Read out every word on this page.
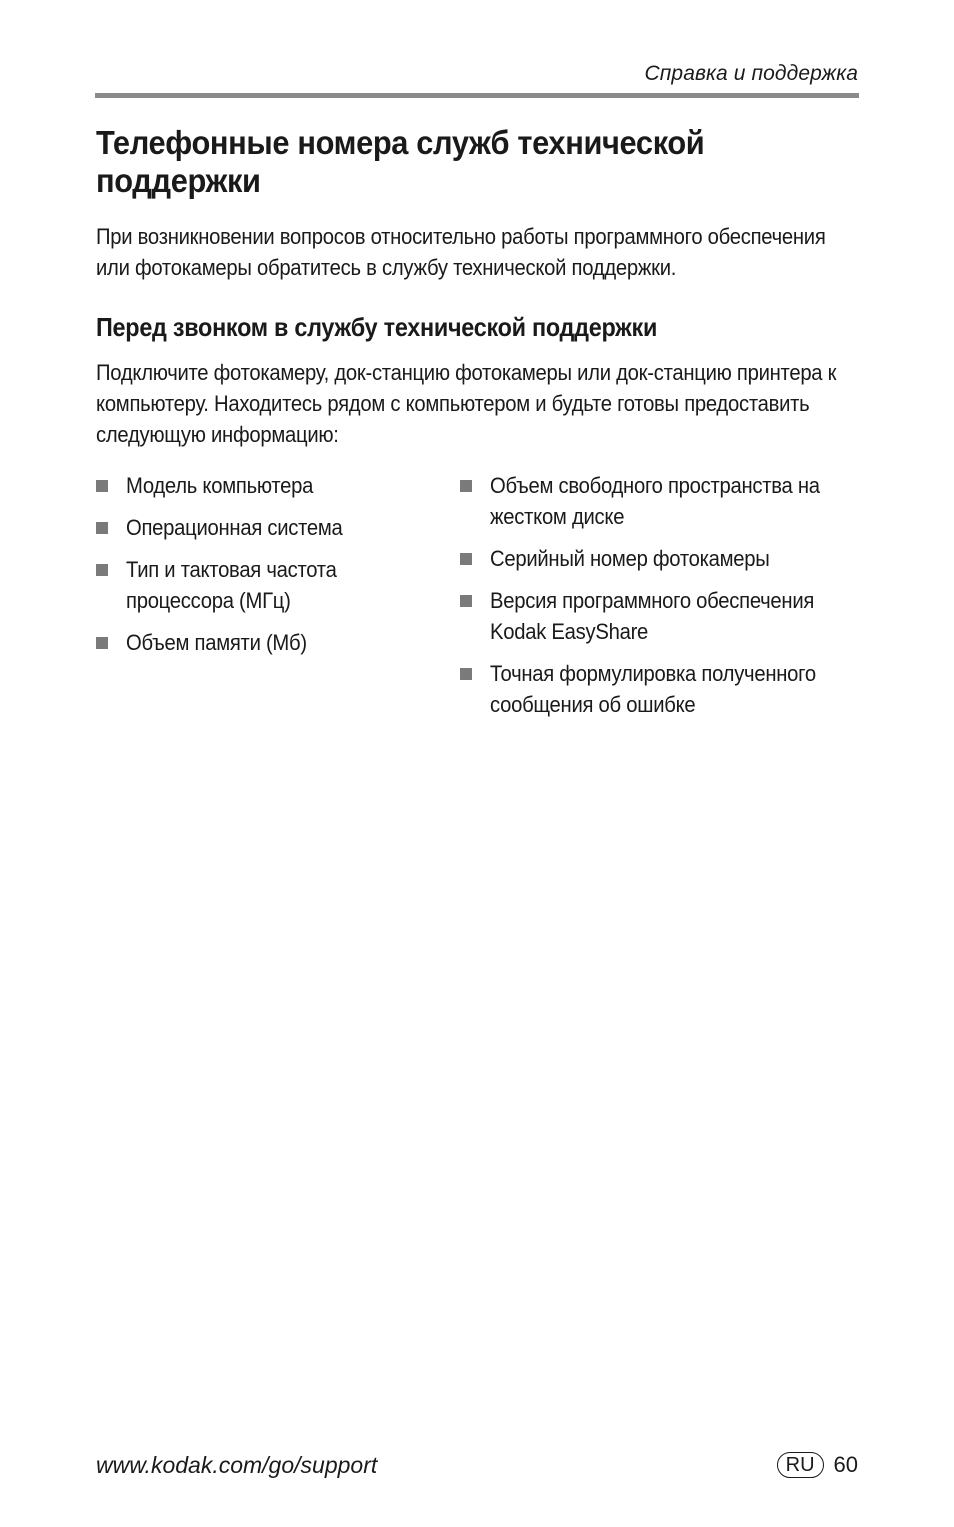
Справка и поддержка
Телефонные номера служб технической поддержки

При возникновении вопросов относительно работы программного обеспечения или фотокамеры обратитесь в службу технической поддержки.

Перед звонком в службу технической поддержки

Подключите фотокамеру, док-станцию фотокамеры или док-станцию принтера к компьютеру. Находитесь рядом с компьютером и будьте готовы предоставить следующую информацию:

Модель компьютера
Операционная система
Тип и тактовая частота процессора (МГц)
Объем памяти (Мб)
Объем свободного пространства на жестком диске
Серийный номер фотокамеры
Версия программного обеспечения Kodak EasyShare
Точная формулировка полученного сообщения об ошибке
www.kodak.com/go/support	RU 60
